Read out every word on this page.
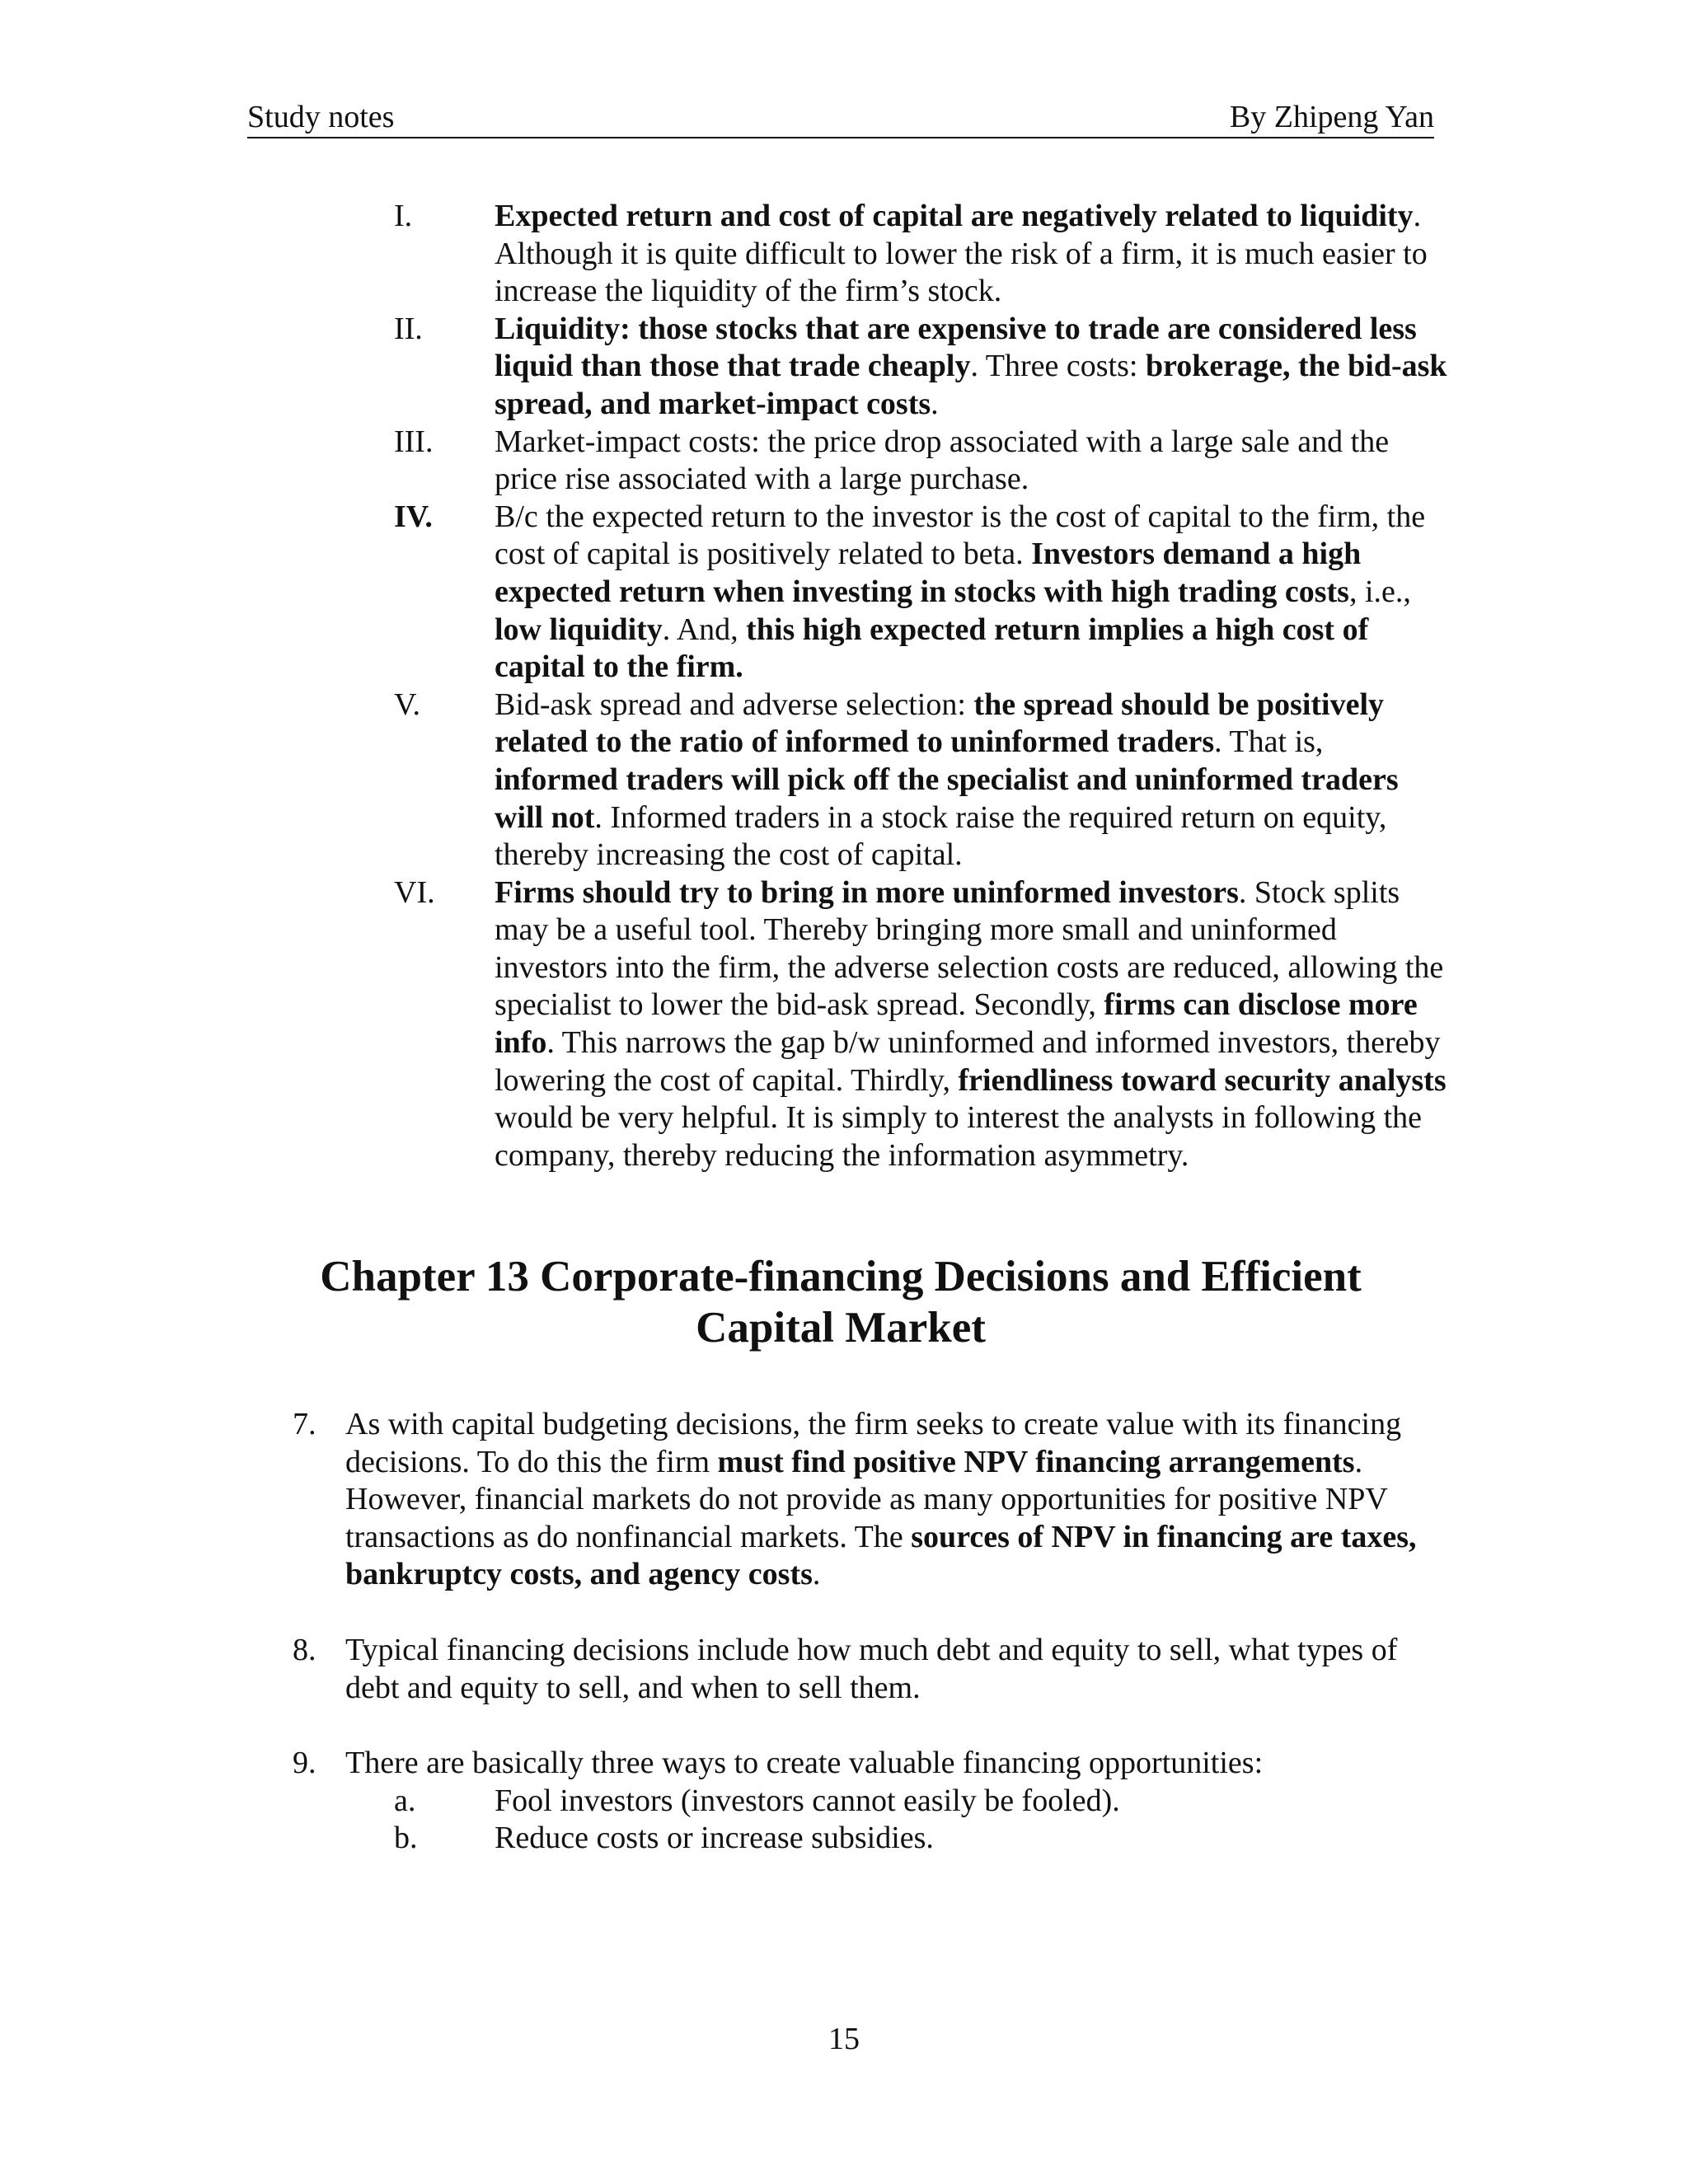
Study notes	By Zhipeng Yan
I.	Expected return and cost of capital are negatively related to liquidity. Although it is quite difficult to lower the risk of a firm, it is much easier to increase the liquidity of the firm’s stock.
II. Liquidity: those stocks that are expensive to trade are considered less liquid than those that trade cheaply. Three costs: brokerage, the bid-ask spread, and market-impact costs.
III. Market-impact costs: the price drop associated with a large sale and the price rise associated with a large purchase.
IV. B/c the expected return to the investor is the cost of capital to the firm, the cost of capital is positively related to beta. Investors demand a high expected return when investing in stocks with high trading costs, i.e., low liquidity. And, this high expected return implies a high cost of capital to the firm.
V. Bid-ask spread and adverse selection: the spread should be positively related to the ratio of informed to uninformed traders. That is, informed traders will pick off the specialist and uninformed traders will not. Informed traders in a stock raise the required return on equity, thereby increasing the cost of capital.
VI. Firms should try to bring in more uninformed investors. Stock splits may be a useful tool. Thereby bringing more small and uninformed investors into the firm, the adverse selection costs are reduced, allowing the specialist to lower the bid-ask spread. Secondly, firms can disclose more info. This narrows the gap b/w uninformed and informed investors, thereby lowering the cost of capital. Thirdly, friendliness toward security analysts would be very helpful. It is simply to interest the analysts in following the company, thereby reducing the information asymmetry.
Chapter 13 Corporate-financing Decisions and Efficient Capital Market
7. As with capital budgeting decisions, the firm seeks to create value with its financing decisions. To do this the firm must find positive NPV financing arrangements. However, financial markets do not provide as many opportunities for positive NPV transactions as do nonfinancial markets. The sources of NPV in financing are taxes, bankruptcy costs, and agency costs.
8. Typical financing decisions include how much debt and equity to sell, what types of debt and equity to sell, and when to sell them.
9. There are basically three ways to create valuable financing opportunities:
a.	Fool investors (investors cannot easily be fooled).
b. Reduce costs or increase subsidies.
15
